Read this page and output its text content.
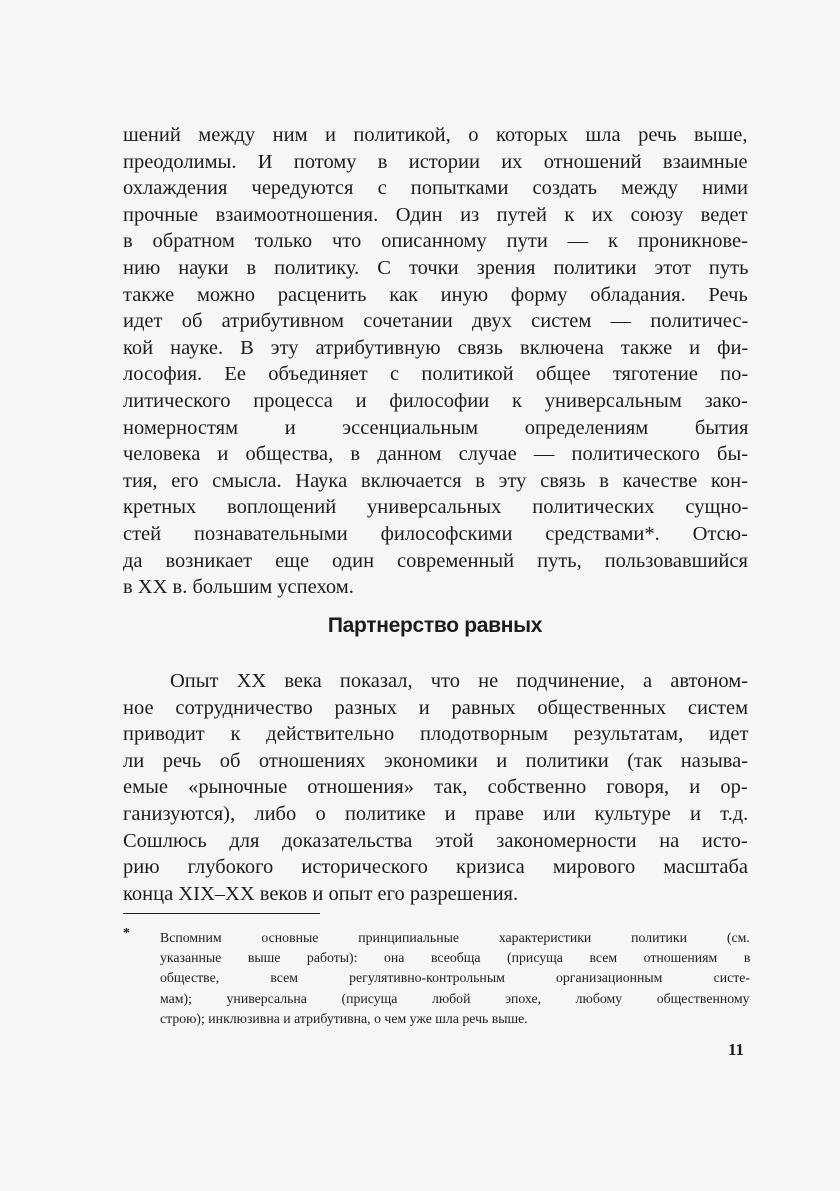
шений между ним и политикой, о которых шла речь выше,
преодолимы. И потому в истории их отношений взаимные
охлаждения чередуются с попытками создать между ними
прочные взаимоотношения. Один из путей к их союзу ведет
в обратном только что описанному пути — к проникнове-
нию науки в политику. С точки зрения политики этот путь
также можно расценить как иную форму обладания. Речь
идет об атрибутивном сочетании двух систем — политичес-
кой науке. В эту атрибутивную связь включена также и фи-
лософия. Ее объединяет с политикой общее тяготение по-
литического процесса и философии к универсальным зако-
номерностям и эссенциальным определениям бытия
человека и общества, в данном случае — политического бы-
тия, его смысла. Наука включается в эту связь в качестве кон-
кретных воплощений универсальных политических сущно-
стей познавательными философскими средствами*. Отсю-
да возникает еще один современный путь, пользовавшийся
в XX в. большим успехом.
Партнерство равных
Опыт XX века показал, что не подчинение, а автоном-
ное сотрудничество разных и равных общественных систем
приводит к действительно плодотворным результатам, идет
ли речь об отношениях экономики и политики (так называ-
емые «рыночные отношения» так, собственно говоря, и ор-
ганизуются), либо о политике и праве или культуре и т.д.
Сошлюсь для доказательства этой закономерности на исто-
рию глубокого исторического кризиса мирового масштаба
конца XIX–XX веков и опыт его разрешения.
* Вспомним основные принципиальные характеристики политики (см.
указанные выше работы): она всеобща (присуща всем отношениям в
обществе, всем регулятивно-контрольным организационным систе-
мам); универсальна (присуща любой эпохе, любому общественному
строю); инклюзивна и атрибутивна, о чем уже шла речь выше.
11
